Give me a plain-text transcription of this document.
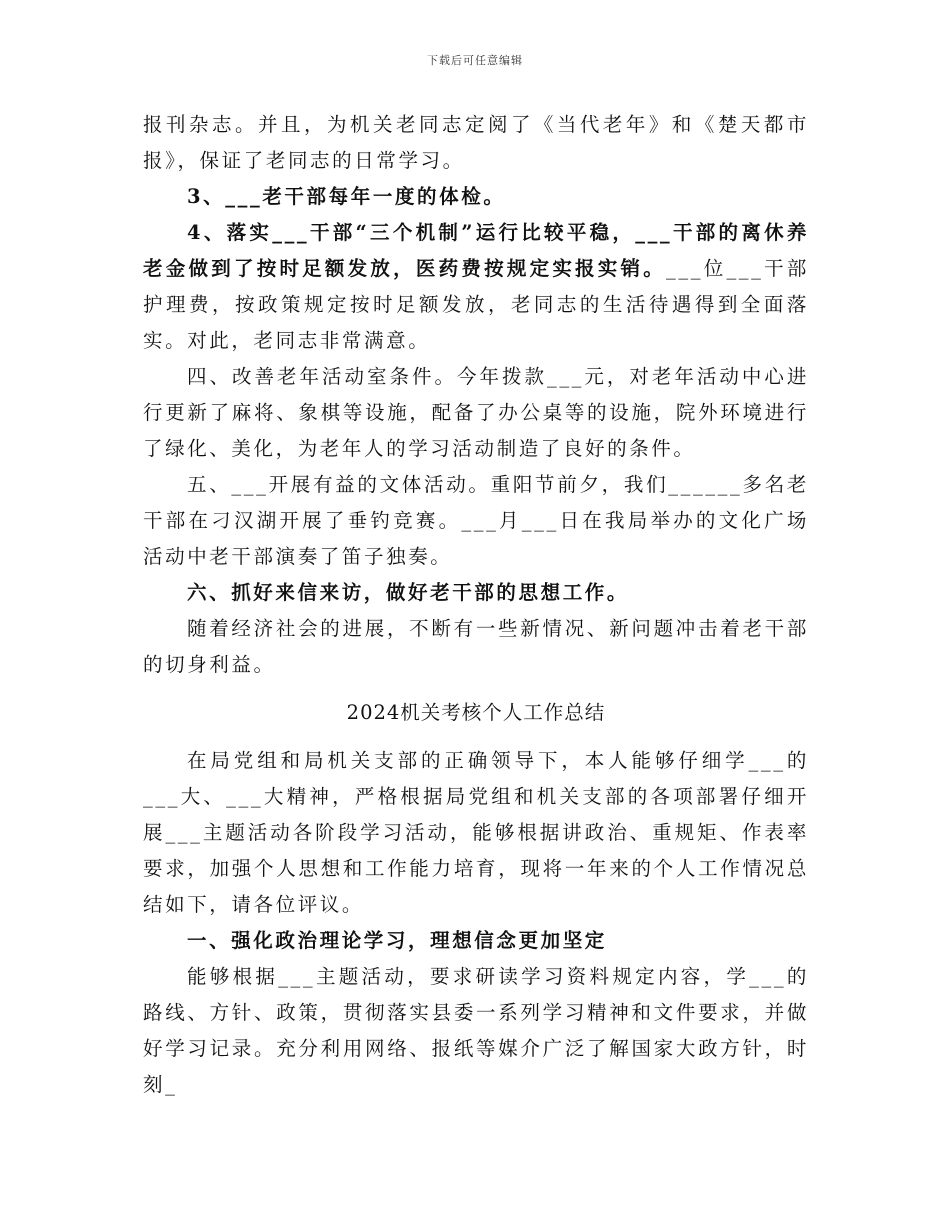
下载后可任意编辑

报刊杂志。并且，为机关老同志定阅了《当代老年》和《楚天都市报》，保证了老同志的日常学习。

3、___老干部每年一度的体检。

4、落实___干部“三个机制”运行比较平稳，___干部的离休养老金做到了按时足额发放，医药费按规定实报实销。___位___干部护理费，按政策规定按时足额发放，老同志的生活待遇得到全面落实。对此，老同志非常满意。

四、改善老年活动室条件。今年拨款___元，对老年活动中心进行更新了麻将、象棋等设施，配备了办公桌等的设施，院外环境进行了绿化、美化，为老年人的学习活动制造了良好的条件。

五、___开展有益的文体活动。重阳节前夕，我们______多名老干部在刁汉湖开展了垂钓竞赛。___月___日在我局举办的文化广场活动中老干部演奏了笛子独奏。

六、抓好来信来访，做好老干部的思想工作。

随着经济社会的进展，不断有一些新情况、新问题冲击着老干部的切身利益。

2024机关考核个人工作总结

在局党组和局机关支部的正确领导下，本人能够仔细学___的___大、___大精神，严格根据局党组和机关支部的各项部署仔细开展___主题活动各阶段学习活动，能够根据讲政治、重规矩、作表率要求，加强个人思想和工作能力培育，现将一年来的个人工作情况总结如下，请各位评议。

一、强化政治理论学习，理想信念更加坚定

能够根据___主题活动，要求研读学习资料规定内容，学___的路线、方针、政策，贯彻落实县委一系列学习精神和文件要求，并做好学习记录。充分利用网络、报纸等媒介广泛了解国家大政方针，时刻_
